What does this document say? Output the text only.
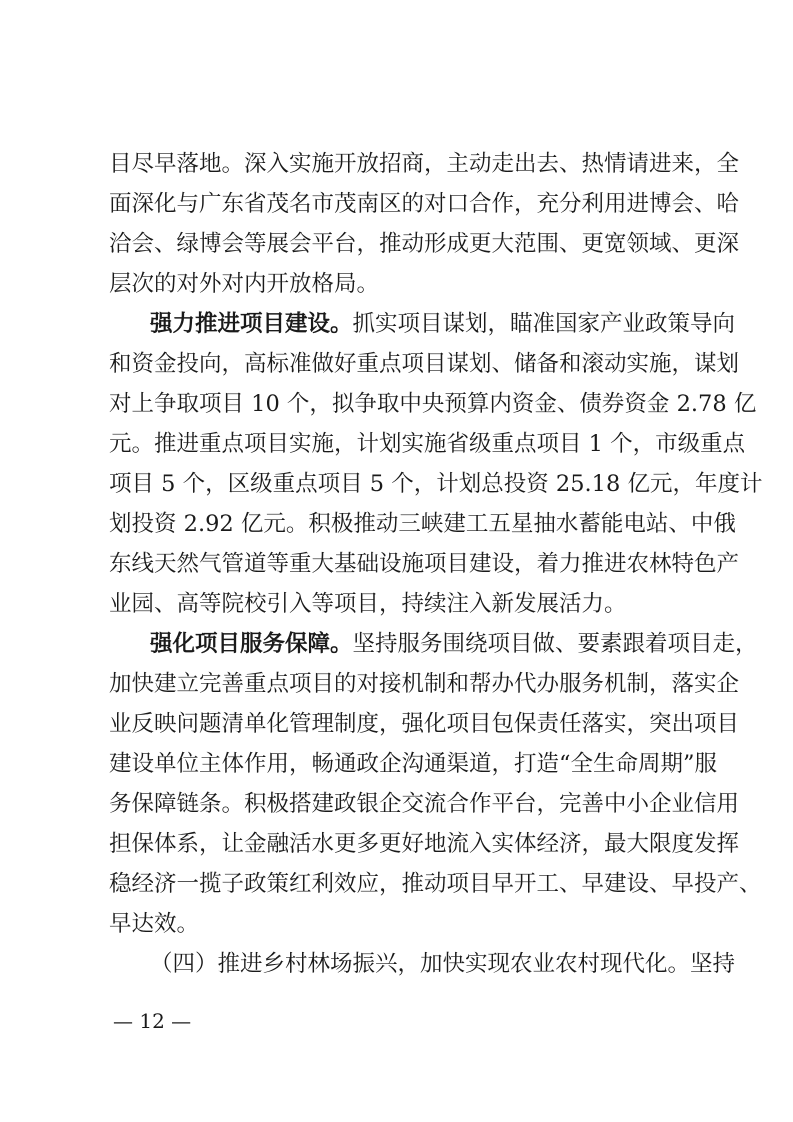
目尽早落地。深入实施开放招商，主动走出去、热情请进来，全
面深化与广东省茂名市茂南区的对口合作，充分利用进博会、哈
洽会、绿博会等展会平台，推动形成更大范围、更宽领域、更深
层次的对外对内开放格局。
强力推进项目建设。抓实项目谋划，瞄准国家产业政策导向
和资金投向，高标准做好重点项目谋划、储备和滚动实施，谋划
对上争取项目 10 个，拟争取中央预算内资金、债券资金 2.78 亿
元。推进重点项目实施，计划实施省级重点项目 1 个，市级重点
项目 5 个，区级重点项目 5 个，计划总投资 25.18 亿元，年度计
划投资 2.92 亿元。积极推动三峡建工五星抽水蓄能电站、中俄
东线天然气管道等重大基础设施项目建设，着力推进农林特色产
业园、高等院校引入等项目，持续注入新发展活力。
强化项目服务保障。坚持服务围绕项目做、要素跟着项目走，
加快建立完善重点项目的对接机制和帮办代办服务机制，落实企
业反映问题清单化管理制度，强化项目包保责任落实，突出项目
建设单位主体作用，畅通政企沟通渠道，打造“全生命周期”服
务保障链条。积极搭建政银企交流合作平台，完善中小企业信用
担保体系，让金融活水更多更好地流入实体经济，最大限度发挥
稳经济一揽子政策红利效应，推动项目早开工、早建设、早投产、
早达效。
（四）推进乡村林场振兴，加快实现农业农村现代化。坚持
— 12 —
